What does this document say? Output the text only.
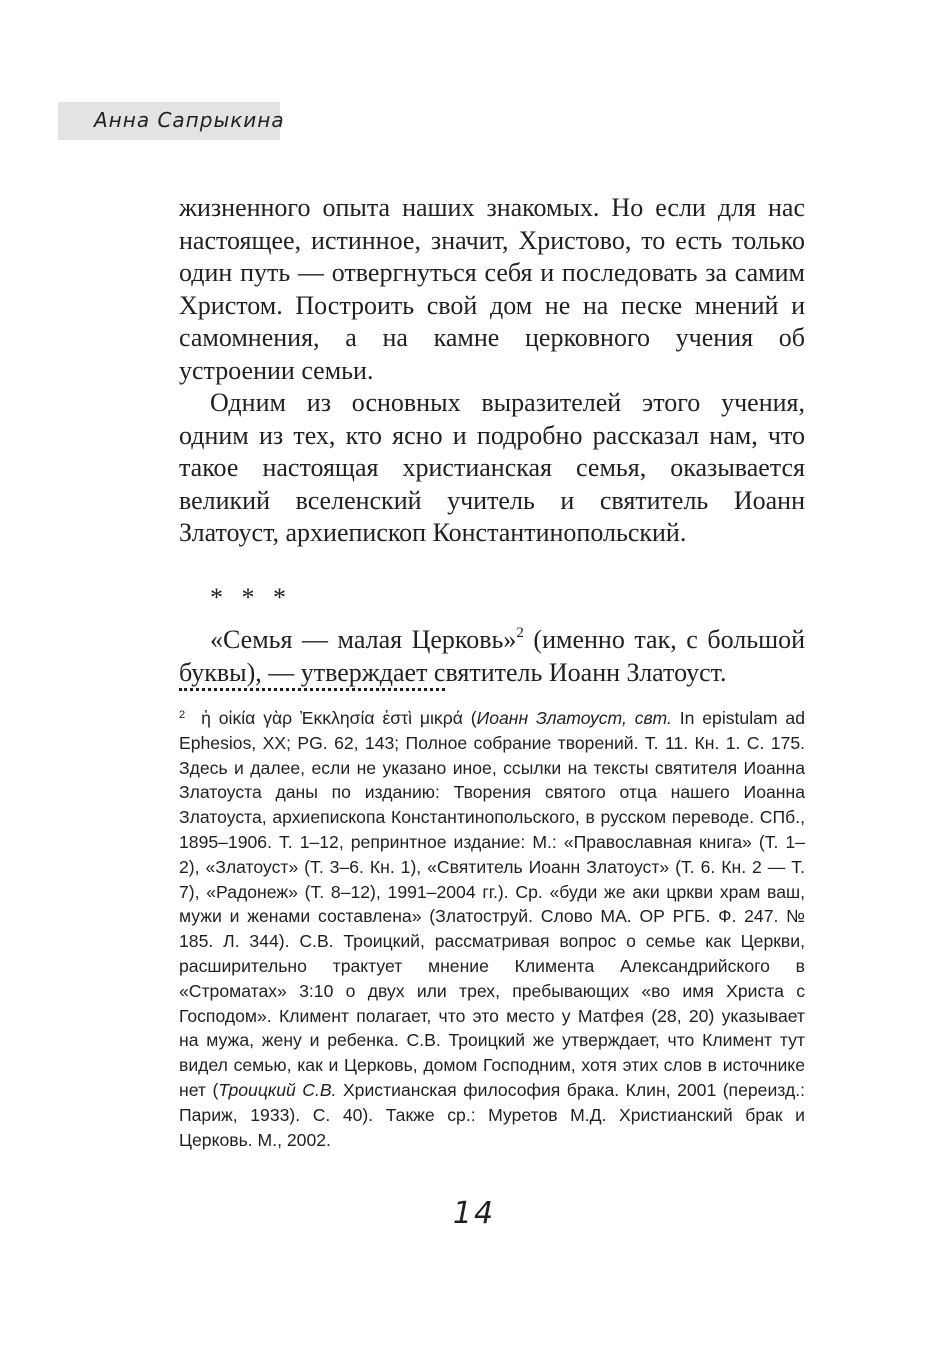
Анна Сапрыкина

жизненного опыта наших знакомых. Но если для нас настоящее, истинное, значит, Христово, то есть только один путь — отвергнуться себя и последовать за самим Христом. Построить свой дом не на песке мнений и самомнения, а на камне церковного учения об устроении семьи.

Одним из основных выразителей этого учения, одним из тех, кто ясно и подробно рассказал нам, что такое настоящая христианская семья, оказывается великий вселенский учитель и святитель Иоанн Златоуст, архиепископ Константинопольский.

* * *

«Семья — малая Церковь»$^2$ (именно так, с большой буквы), — утверждает святитель Иоанн Златоуст.

$^2$ ἡ οἰκία γὰρ Ἐκκλησία ἐστὶ μικρά (Иоанн Златоуст, свт. In epistulam ad Ephesios, XX; PG. 62, 143; Полное собрание творений. Т. 11. Кн. 1. С. 175. Здесь и далее, если не указано иное, ссылки на тексты святителя Иоанна Златоуста даны по изданию: Творения святого отца нашего Иоанна Златоуста, архиепископа Константинопольского, в русском переводе. СПб., 1895–1906. Т. 1–12, репринтное издание: М.: «Православная книга» (Т. 1–2), «Златоуст» (Т. 3–6. Кн. 1), «Святитель Иоанн Златоуст» (Т. 6. Кн. 2 — Т. 7), «Радонеж» (Т. 8–12), 1991–2004 гг.). Ср. «буди же аки цркви храм ваш, мужи и женами составлена» (Златоструй. Слово МА. ОР РГБ. Ф. 247. № 185. Л. 344). С.В. Троицкий, рассматривая вопрос о семье как Церкви, расширительно трактует мнение Климента Александрийского в «Строматах» 3:10 о двух или трех, пребывающих «во имя Христа с Господом». Климент полагает, что это место у Матфея (28, 20) указывает на мужа, жену и ребенка. С.В. Троицкий же утверждает, что Климент тут видел семью, как и Церковь, домом Господним, хотя этих слов в источнике нет (Троицкий С.В. Христианская философия брака. Клин, 2001 (переизд.: Париж, 1933). С. 40). Также ср.: Муретов М.Д. Христианский брак и Церковь. М., 2002.

14
